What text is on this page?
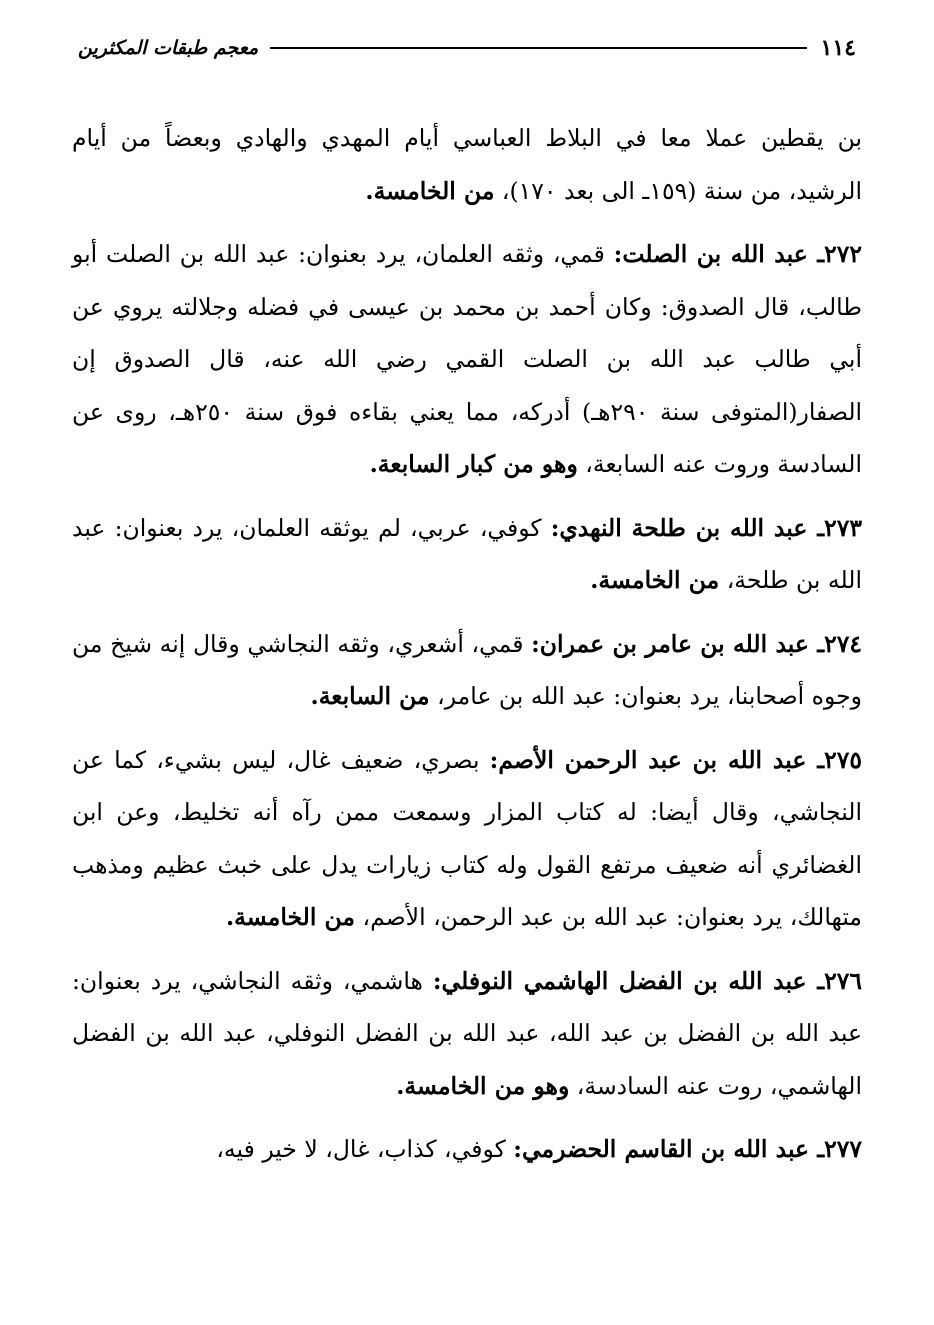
١١٤
معجم طبقات المكثرين

بن يقطين عملا معا في البلاط العباسي أيام المهدي والهادي وبعضاً من أيام الرشيد، من سنة (١٥٩ـ الى بعد ١٧٠)، من الخامسة.

٢٧٢ـ عبد الله بن الصلت: قمي، وثقه العلمان، يرد بعنوان: عبد الله بن الصلت أبو طالب، قال الصدوق: وكان أحمد بن محمد بن عيسى في فضله وجلالته يروي عن أبي طالب عبد الله بن الصلت القمي رضي الله عنه، قال الصدوق إن الصفار(المتوفى سنة ٢٩٠هـ) أدركه، مما يعني بقاءه فوق سنة ٢٥٠هـ، روى عن السادسة وروت عنه السابعة، وهو من كبار السابعة.

٢٧٣ـ عبد الله بن طلحة النهدي: كوفي، عربي، لم يوثقه العلمان، يرد بعنوان: عبد الله بن طلحة، من الخامسة.

٢٧٤ـ عبد الله بن عامر بن عمران: قمي، أشعري، وثقه النجاشي وقال إنه شيخ من وجوه أصحابنا، يرد بعنوان: عبد الله بن عامر، من السابعة.

٢٧٥ـ عبد الله بن عبد الرحمن الأصم: بصري، ضعيف غال، ليس بشيء، كما عن النجاشي، وقال أيضا: له كتاب المزار وسمعت ممن رآه أنه تخليط، وعن ابن الغضائري أنه ضعيف مرتفع القول وله كتاب زيارات يدل على خبث عظيم ومذهب متهالك، يرد بعنوان: عبد الله بن عبد الرحمن، الأصم، من الخامسة.

٢٧٦ـ عبد الله بن الفضل الهاشمي النوفلي: هاشمي، وثقه النجاشي، يرد بعنوان: عبد الله بن الفضل بن عبد الله، عبد الله بن الفضل النوفلي، عبد الله بن الفضل الهاشمي، روت عنه السادسة، وهو من الخامسة.

٢٧٧ـ عبد الله بن القاسم الحضرمي: كوفي، كذاب، غال، لا خير فيه،
